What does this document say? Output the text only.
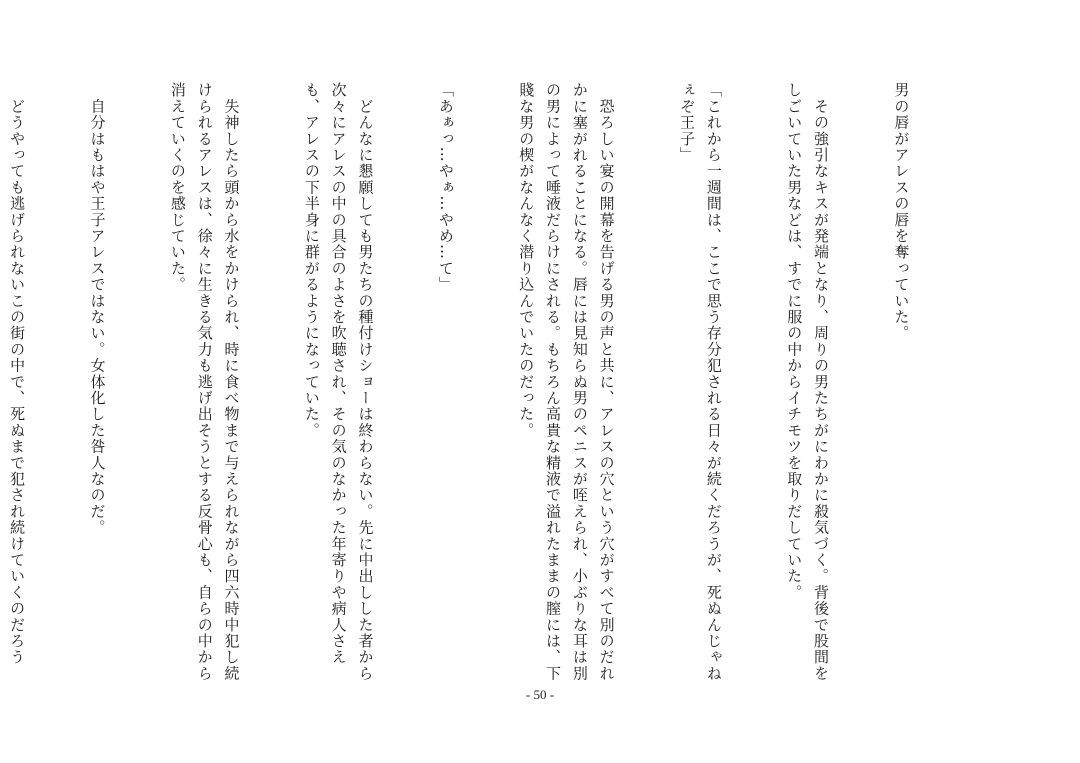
男の唇がアレスの唇を奪っていた。

　その強引なキスが発端となり、周りの男たちがにわかに殺気づく。背後で股間をしごいていた男などは、すでに服の中からイチモツを取りだしていた。

「これから一週間は、ここで思う存分犯される日々が続くだろうが、死ぬんじゃねぇぞ王子」

　恐ろしい宴の開幕を告げる男の声と共に、アレスの穴という穴がすべて別のだれかに塞がれることになる。唇には見知らぬ男のペニスが咥えられ、小ぶりな耳は別の男によって唾液だらけにされる。もちろん高貴な精液で溢れたままの膣には、下賤な男の楔がなんなく潜り込んでいたのだった。

「あぁっ…やぁ…やめ…て」

　どんなに懇願しても男たちの種付けショーは終わらない。先に中出しした者から次々にアレスの中の具合のよさを吹聴され、その気のなかった年寄りや病人さえも、アレスの下半身に群がるようになっていた。

　失神したら頭から水をかけられ、時に食べ物まで与えられながら四六時中犯し続けられるアレスは、徐々に生きる気力も逃げ出そうとする反骨心も、自らの中から消えていくのを感じていた。

　自分はもはや王子アレスではない。女体化した咎人なのだ。

　どうやっても逃げられないこの街の中で、死ぬまで犯され続けていくのだろう

- 50 -
